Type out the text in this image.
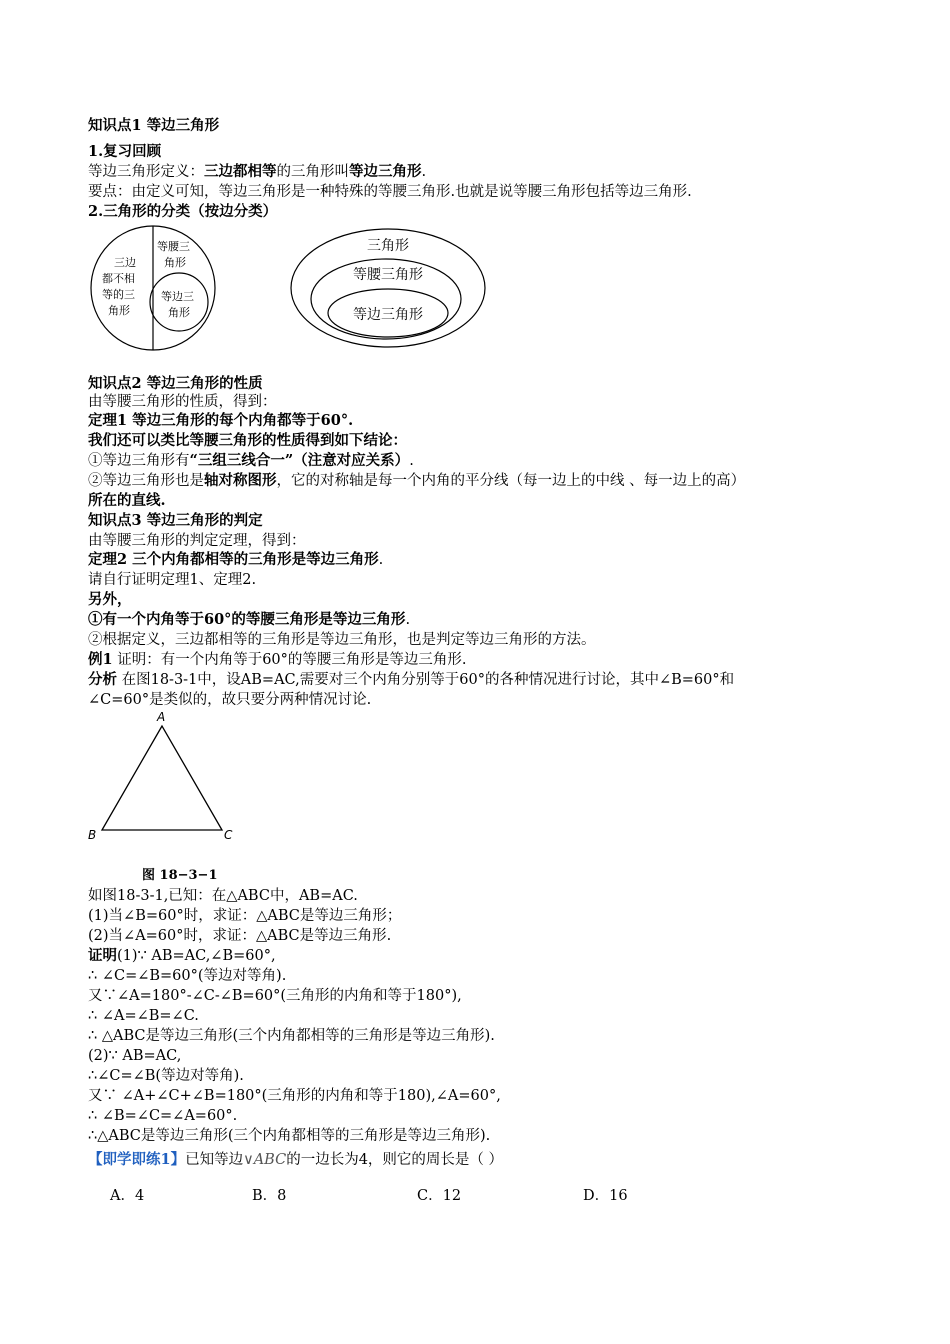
知识点1 等边三角形
1.复习回顾
等边三角形定义：三边都相等的三角形叫等边三角形.
要点：由定义可知，等边三角形是一种特殊的等腰三角形.也就是说等腰三角形包括等边三角形.
2.三角形的分类（按边分类）
三边
都不相
等的三
角形
等腰三
角形
等边三
角形
三角形
等腰三角形
等边三角形
知识点2 等边三角形的性质
由等腰三角形的性质，得到：
定理1 等边三角形的每个内角都等于60°.
我们还可以类比等腰三角形的性质得到如下结论：
①等边三角形有“三组三线合一”（注意对应关系）.
②等边三角形也是轴对称图形，它的对称轴是每一个内角的平分线（每一边上的中线 、每一边上的高）
所在的直线.
知识点3 等边三角形的判定
由等腰三角形的判定定理，得到：
定理2 三个内角都相等的三角形是等边三角形.
请自行证明定理1、定理2.
另外，
①有一个内角等于60°的等腰三角形是等边三角形.
②根据定义，三边都相等的三角形是等边三角形，也是判定等边三角形的方法。
例1 证明：有一个内角等于60°的等腰三角形是等边三角形.
分析 在图18-3-1中，设AB=AC,需要对三个内角分别等于60°的各种情况进行讨论，其中∠B=60°和
∠C=60°是类似的，故只要分两种情况讨论.
A
B	C
图 18−3−1
如图18-3-1,已知：在△ABC中，AB=AC.
(1)当∠B=60°时，求证：△ABC是等边三角形；
(2)当∠A=60°时，求证：△ABC是等边三角形.
证明(1)∵ AB=AC,∠B=60°,
∴ ∠C=∠B=60°(等边对等角).
又∵∠A=180°-∠C-∠B=60°(三角形的内角和等于180°),
∴ ∠A=∠B=∠C.
∴ △ABC是等边三角形(三个内角都相等的三角形是等边三角形).
(2)∵ AB=AC,
∴∠C=∠B(等边对等角).
又∵ ∠A+∠C+∠B=180°(三角形的内角和等于180),∠A=60°,
∴ ∠B=∠C=∠A=60°.
∴△ABC是等边三角形(三个内角都相等的三角形是等边三角形).
【即学即练1】已知等边∨ABC的一边长为4，则它的周长是（ ）
A．4	B．8	C．12	D．16
